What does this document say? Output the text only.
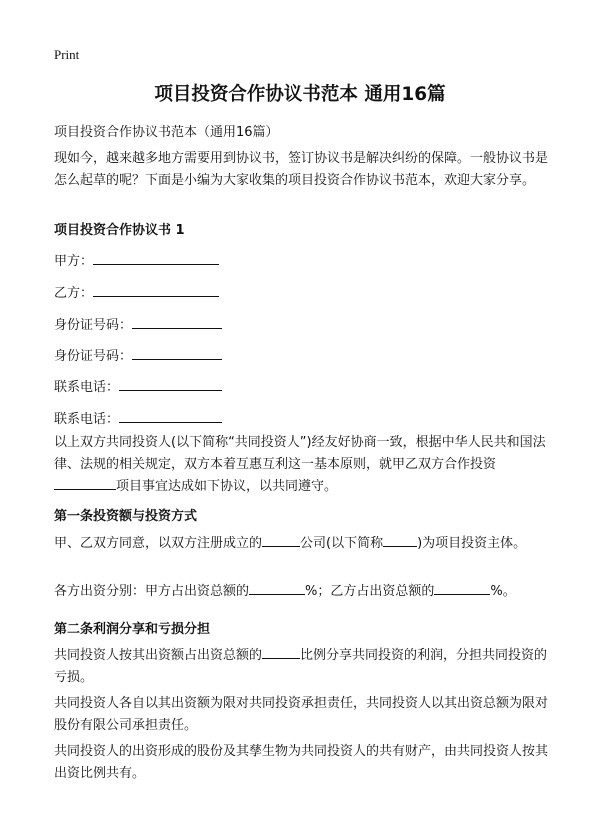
Print
项目投资合作协议书范本 通用16篇
项目投资合作协议书范本（通用16篇）

现如今，越来越多地方需要用到协议书，签订协议书是解决纠纷的保障。一般协议书是怎么起草的呢？下面是小编为大家收集的项目投资合作协议书范本，欢迎大家分享。

项目投资合作协议书 1
甲方：
乙方：
身份证号码：
身份证号码：
联系电话：
联系电话：

以上双方共同投资人(以下简称“共同投资人”)经友好协商一致，根据中华人民共和国法律、法规的相关规定，双方本着互惠互利这一基本原则，就甲乙双方合作投资项目事宜达成如下协议，以共同遵守。

第一条投资额与投资方式

甲、乙双方同意，以双方注册成立的	公司(以下简称	)为项目投资主体。

各方出资分别：甲方占出资总额的	%；乙方占出资总额的	%。

第二条利润分享和亏损分担

共同投资人按其出资额占出资总额的	比例分享共同投资的利润，分担共同投资的亏损。

共同投资人各自以其出资额为限对共同投资承担责任，共同投资人以其出资总额为限对股份有限公司承担责任。

共同投资人的出资形成的股份及其孳生物为共同投资人的共有财产，由共同投资人按其出资比例共有。
